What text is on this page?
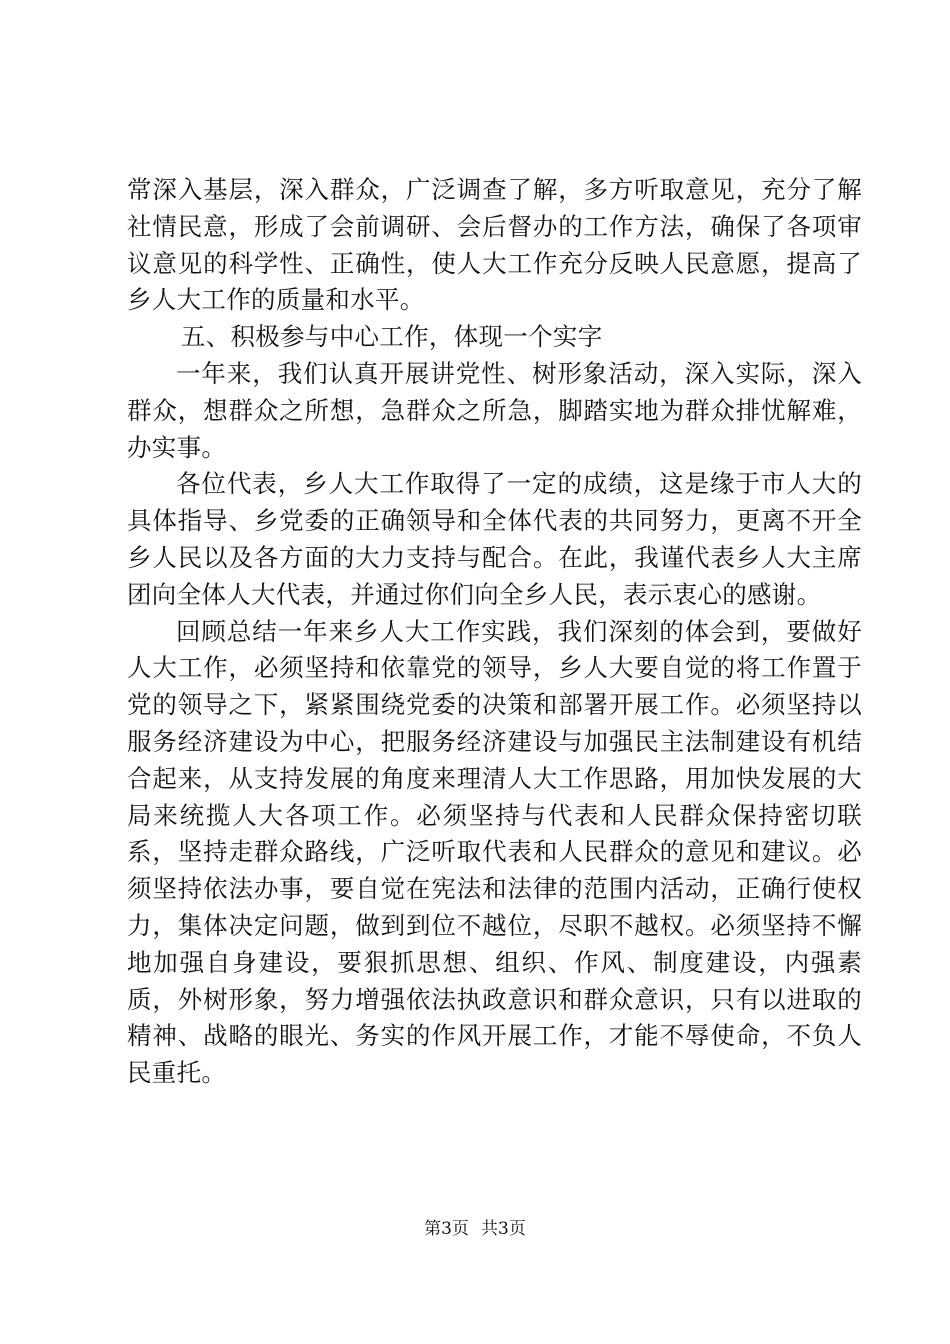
常深入基层，深入群众，广泛调查了解，多方听取意见，充分了解社情民意，形成了会前调研、会后督办的工作方法，确保了各项审议意见的科学性、正确性，使人大工作充分反映人民意愿，提高了乡人大工作的质量和水平。

五、积极参与中心工作，体现一个实字

一年来，我们认真开展讲党性、树形象活动，深入实际，深入群众，想群众之所想，急群众之所急，脚踏实地为群众排忧解难，办实事。

各位代表，乡人大工作取得了一定的成绩，这是缘于市人大的具体指导、乡党委的正确领导和全体代表的共同努力，更离不开全乡人民以及各方面的大力支持与配合。在此，我谨代表乡人大主席团向全体人大代表，并通过你们向全乡人民，表示衷心的感谢。

回顾总结一年来乡人大工作实践，我们深刻的体会到，要做好人大工作，必须坚持和依靠党的领导，乡人大要自觉的将工作置于党的领导之下，紧紧围绕党委的决策和部署开展工作。必须坚持以服务经济建设为中心，把服务经济建设与加强民主法制建设有机结合起来，从支持发展的角度来理清人大工作思路，用加快发展的大局来统揽人大各项工作。必须坚持与代表和人民群众保持密切联系，坚持走群众路线，广泛听取代表和人民群众的意见和建议。必须坚持依法办事，要自觉在宪法和法律的范围内活动，正确行使权力，集体决定问题，做到到位不越位，尽职不越权。必须坚持不懈地加强自身建设，要狠抓思想、组织、作风、制度建设，内强素质，外树形象，努力增强依法执政意识和群众意识，只有以进取的精神、战略的眼光、务实的作风开展工作，才能不辱使命，不负人民重托。

第3页 共3页
